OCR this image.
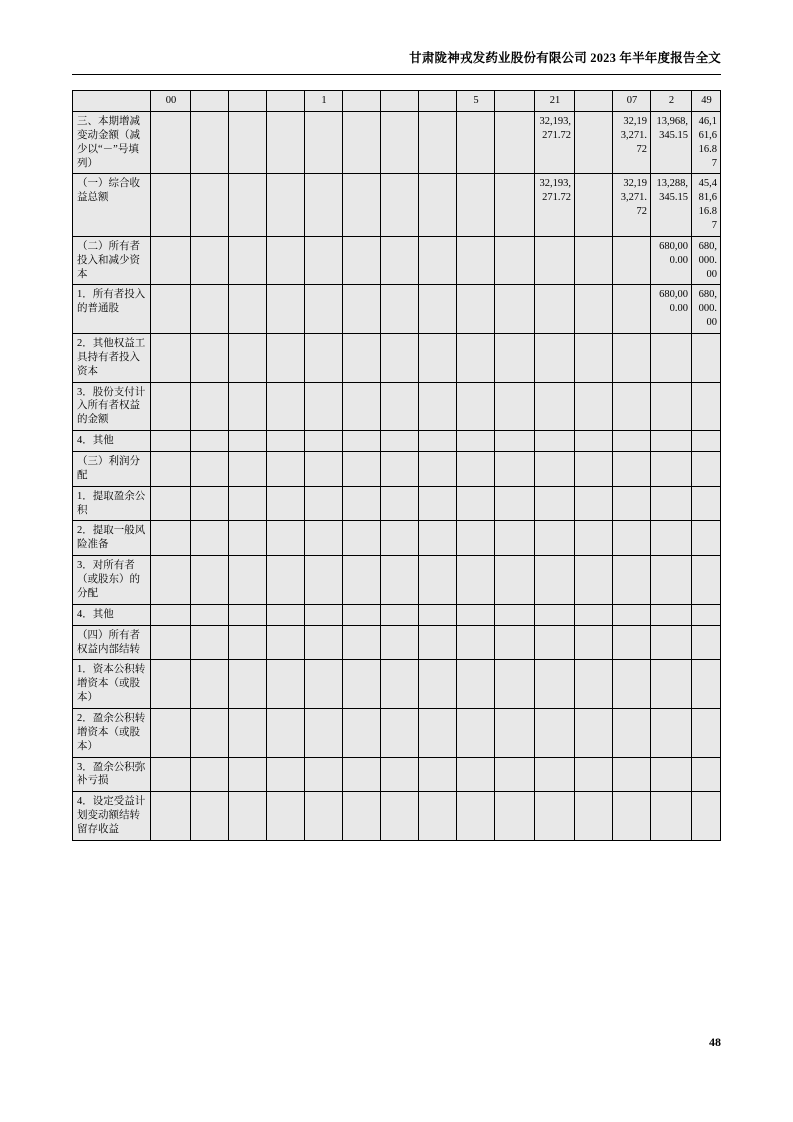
甘肃陇神戎发药业股份有限公司 2023 年半年度报告全文
	00				1				5		21		07	2	49
三、本期增减变动金额（减少以“－”号填列）											32,193,271.72		32,193,271.72	13,968,345.15	46,161,616.87
（一）综合收益总额											32,193,271.72		32,193,271.72	13,288,345.15	45,481,616.87
（二）所有者投入和减少资本														680,000.00	680,000.00
1．所有者投入的普通股														680,000.00	680,000.00
2．其他权益工具持有者投入资本															
3．股份支付计入所有者权益的金额															
4．其他															
（三）利润分配															
1．提取盈余公积															
2．提取一般风险准备															
3．对所有者（或股东）的分配															
4．其他															
（四）所有者权益内部结转															
1．资本公积转增资本（或股本）															
2．盈余公积转增资本（或股本）															
3．盈余公积弥补亏损															
4．设定受益计划变动额结转留存收益															
48
